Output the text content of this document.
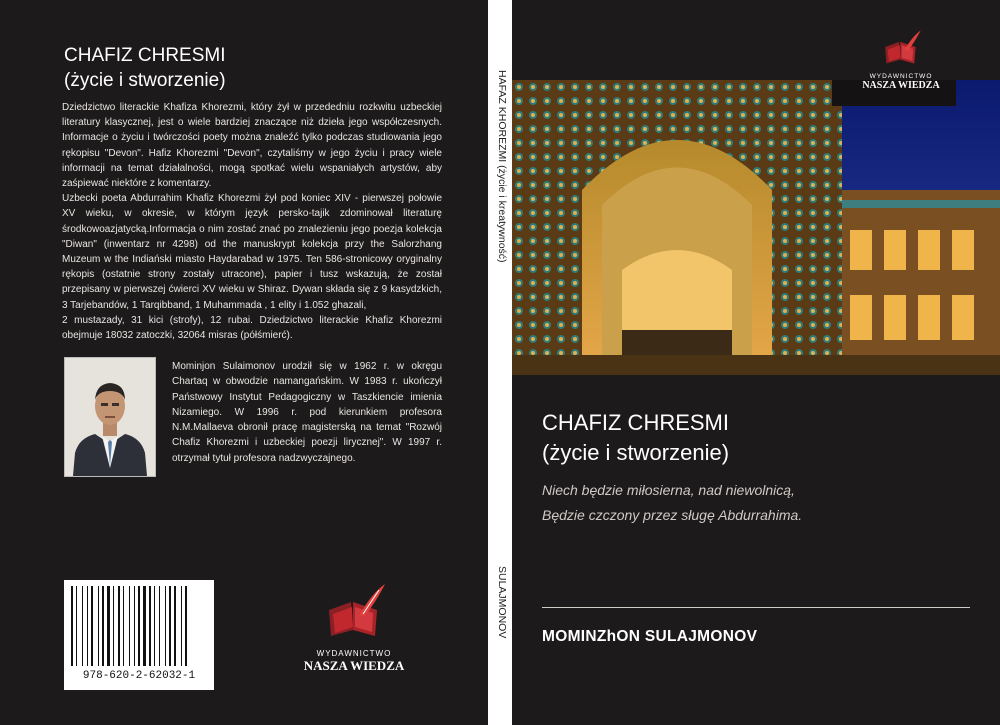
CHAFIZ CHRESMI
(życie i stworzenie)

Dziedzictwo literackie Khafiza Khorezmi, który żył w przededniu rozkwitu uzbeckiej literatury klasycznej, jest o wiele bardziej znaczące niż dzieła jego współczesnych. Informacje o życiu i twórczości poety można znaleźć tylko podczas studiowania jego rękopisu "Devon". Hafiz Khorezmi "Devon", czytaliśmy w jego życiu i pracy wiele informacji na temat działalności, mogą spotkać wielu wspaniałych artystów, aby zaśpiewać niektóre z komentarzy.

Uzbecki poeta Abdurrahim Khafiz Khorezmi żył pod koniec XIV - pierwszej połowie XV wieku, w okresie, w którym język persko-tajik zdominował literaturę środkowoazjatycką.Informacja o nim zostać znać po znalezieniu jego poezja kolekcja "Diwan" (inwentarz nr 4298) od the manuskrypt kolekcja przy the Salorzhang Muzeum w the Indiański miasto Haydarabad w 1975. Ten 586-stronicowy oryginalny rękopis (ostatnie strony zostały utracone), papier i tusz wskazują, że został przepisany w pierwszej ćwierci XV wieku w Shiraz. Dywan składa się z 9 kasydzkich, 3 Tarjebandów, 1 Tarqibband, 1 Muhammada , 1 elity i 1.052 ghazali,

2 mustazady, 31 kici (strofy), 12 rubai. Dziedzictwo literackie Khafiz Khorezmi obejmuje 18032 zatoczki, 32064 misras (półśmierć).

Mominjon Sulaimonov urodził się w 1962 r. w okręgu Chartaq w obwodzie namangańskim. W 1983 r. ukończył Państwowy Instytut Pedagogiczny w Taszkiencie imienia Nizamiego. W 1996 r. pod kierunkiem profesora N.M.Mallaeva obronił pracę magisterską na temat "Rozwój Chafiz Khorezmi i uzbeckiej poezji lirycznej". W 1997 r. otrzymał tytuł profesora nadzwyczajnego.
978-620-2-62032-1
WYDAWNICTWO
NASZA WIEDZA
HAFAZ KHOREZMI (życie i kreatywność)
SULAJMONOV
WYDAWNICTWO
NASZA WIEDZA
CHAFIZ CHRESMI
(życie i stworzenie)
Niech będzie miłosierna, nad niewolnicą,
Będzie czczony przez sługę Abdurrahima.
MOMINZhON SULAJMONOV
